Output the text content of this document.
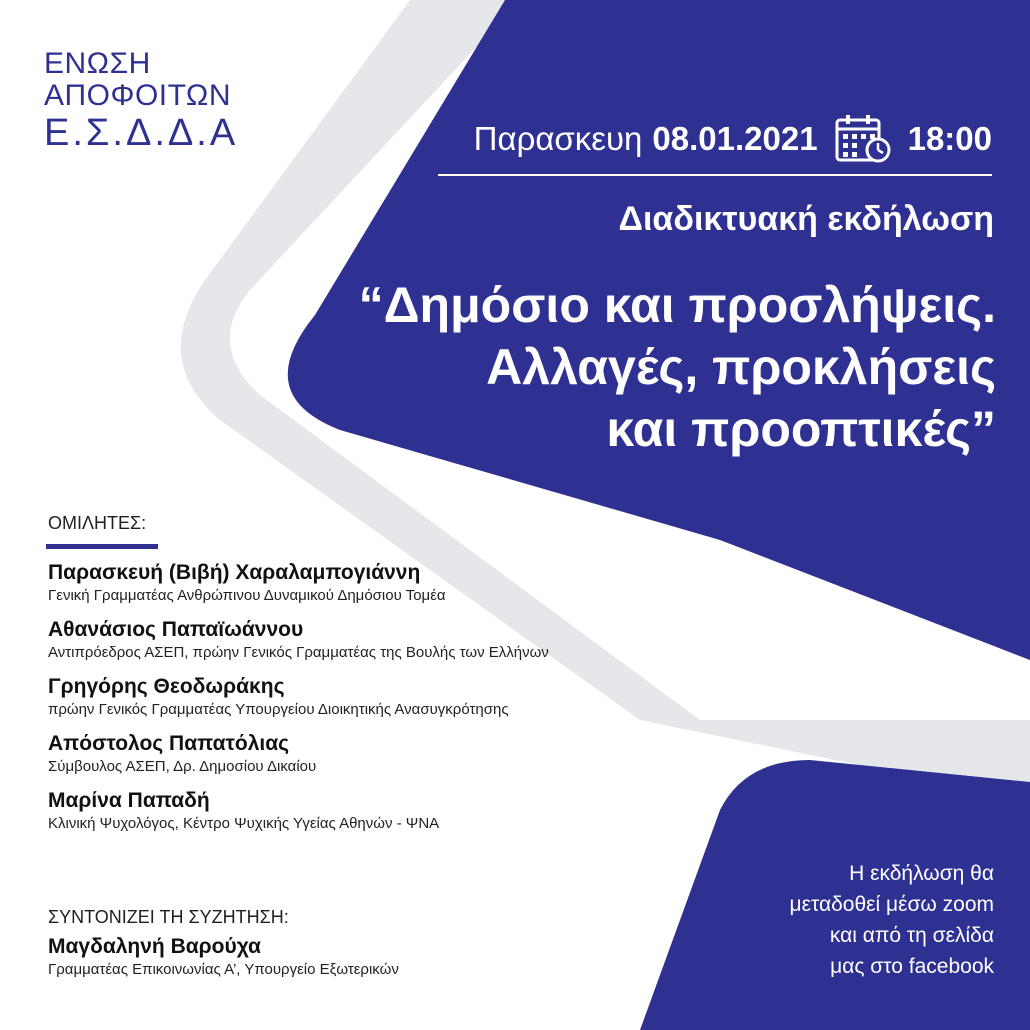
ΕΝΩΣΗ
ΑΠΟΦΟΙΤΩΝ
Ε.Σ.Δ.Δ.Α	Παρασκευη 08.01.2021	18:00
Διαδικτυακή εκδήλωση
“Δημόσιο και προσλήψεις.
Αλλαγές, προκλήσεις
και προοπτικές”
ΟΜΙΛΗΤΕΣ:
Παρασκευή (Βιβή) Χαραλαμπογιάννη
Γενική Γραμματέας Ανθρώπινου Δυναμικού Δημόσιου Τομέα
Αθανάσιος Παπαϊωάννου
Αντιπρόεδρος ΑΣΕΠ, πρώην Γενικός Γραμματέας της Βουλής των Ελλήνων
Γρηγόρης Θεοδωράκης
πρώην Γενικός Γραμματέας Υπουργείου Διοικητικής Ανασυγκρότησης
Απόστολος Παπατόλιας
Σύμβουλος ΑΣΕΠ, Δρ. Δημοσίου Δικαίου
Μαρίνα Παπαδή
Κλινική Ψυχολόγος, Κέντρο Ψυχικής Υγείας Αθηνών - ΨΝΑ
ΣΥΝΤΟΝΙΖΕΙ ΤΗ ΣΥΖΗΤΗΣΗ:
Μαγδαληνή Βαρούχα
Γραμματέας Επικοινωνίας Α’, Υπουργείο Εξωτερικών
Η εκδήλωση θα
μεταδοθεί μέσω zoom
και από τη σελίδα
μας στο facebook
